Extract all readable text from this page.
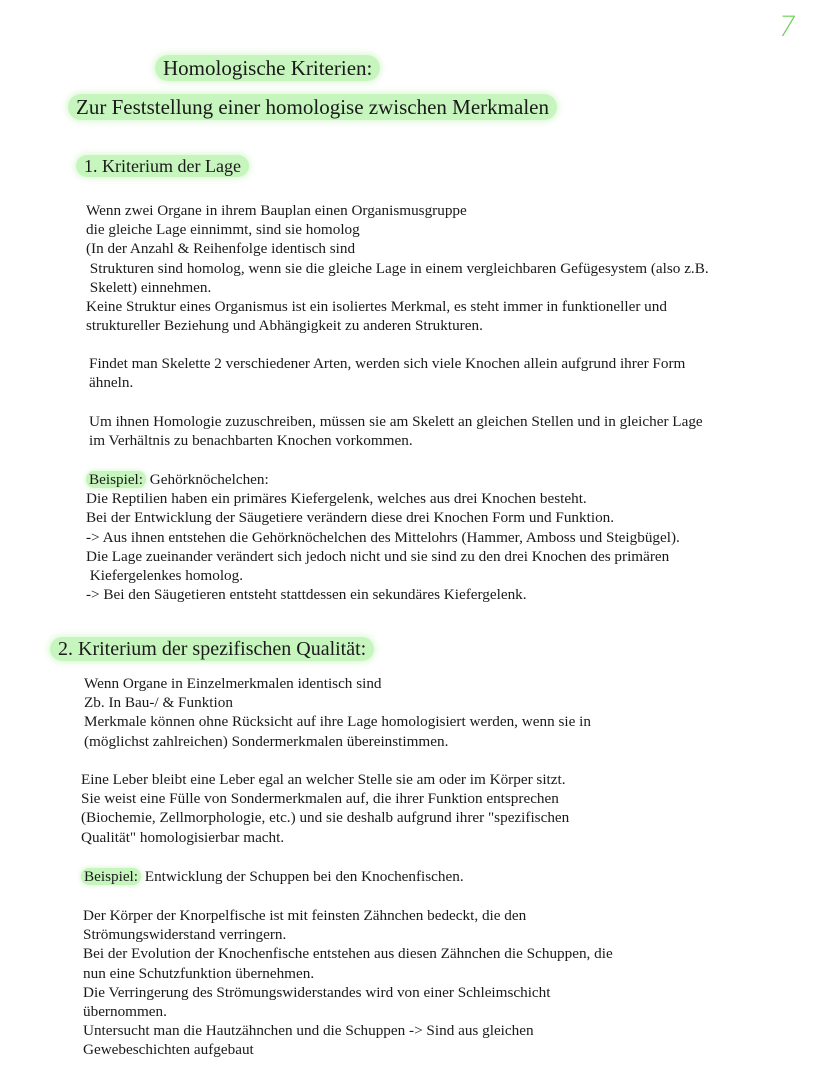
7
Homologische Kriterien:
Zur Feststellung einer homologise zwischen Merkmalen
1. Kriterium der Lage
Wenn zwei Organe in ihrem Bauplan einen Organismusgruppe
die gleiche Lage einnimmt, sind sie homolog
(In der Anzahl & Reihenfolge identisch sind
Strukturen sind homolog, wenn sie die gleiche Lage in einem vergleichbaren Gefügesystem (also z.B.
Skelett) einnehmen.
Keine Struktur eines Organismus ist ein isoliertes Merkmal, es steht immer in funktioneller und
struktureller Beziehung und Abhängigkeit zu anderen Strukturen.
Findet man Skelette 2 verschiedener Arten, werden sich viele Knochen allein aufgrund ihrer Form
ähneln.
Um ihnen Homologie zuzuschreiben, müssen sie am Skelett an gleichen Stellen und in gleicher Lage
im Verhältnis zu benachbarten Knochen vorkommen.
Beispiel: Gehörknöchelchen:
Die Reptilien haben ein primäres Kiefergelenk, welches aus drei Knochen besteht.
Bei der Entwicklung der Säugetiere verändern diese drei Knochen Form und Funktion.
-> Aus ihnen entstehen die Gehörknöchelchen des Mittelohrs (Hammer, Amboss und Steigbügel).
Die Lage zueinander verändert sich jedoch nicht und sie sind zu den drei Knochen des primären
Kiefergelenkes homolog.
-> Bei den Säugetieren entsteht stattdessen ein sekundäres Kiefergelenk.
2. Kriterium der spezifischen Qualität:
Wenn Organe in Einzelmerkmalen identisch sind
Zb. In Bau-/ & Funktion
Merkmale können ohne Rücksicht auf ihre Lage homologisiert werden, wenn sie in
(möglichst zahlreichen) Sondermerkmalen übereinstimmen.
Eine Leber bleibt eine Leber egal an welcher Stelle sie am oder im Körper sitzt.
Sie weist eine Fülle von Sondermerkmalen auf, die ihrer Funktion entsprechen
(Biochemie, Zellmorphologie, etc.) und sie deshalb aufgrund ihrer "spezifischen
Qualität" homologisierbar macht.
Beispiel: Entwicklung der Schuppen bei den Knochenfischen.
Der Körper der Knorpelfische ist mit feinsten Zähnchen bedeckt, die den
Strömungswiderstand verringern.
Bei der Evolution der Knochenfische entstehen aus diesen Zähnchen die Schuppen, die
nun eine Schutzfunktion übernehmen.
Die Verringerung des Strömungswiderstandes wird von einer Schleimschicht
übernommen.
Untersucht man die Hautzähnchen und die Schuppen -> Sind aus gleichen
Gewebeschichten aufgebaut
